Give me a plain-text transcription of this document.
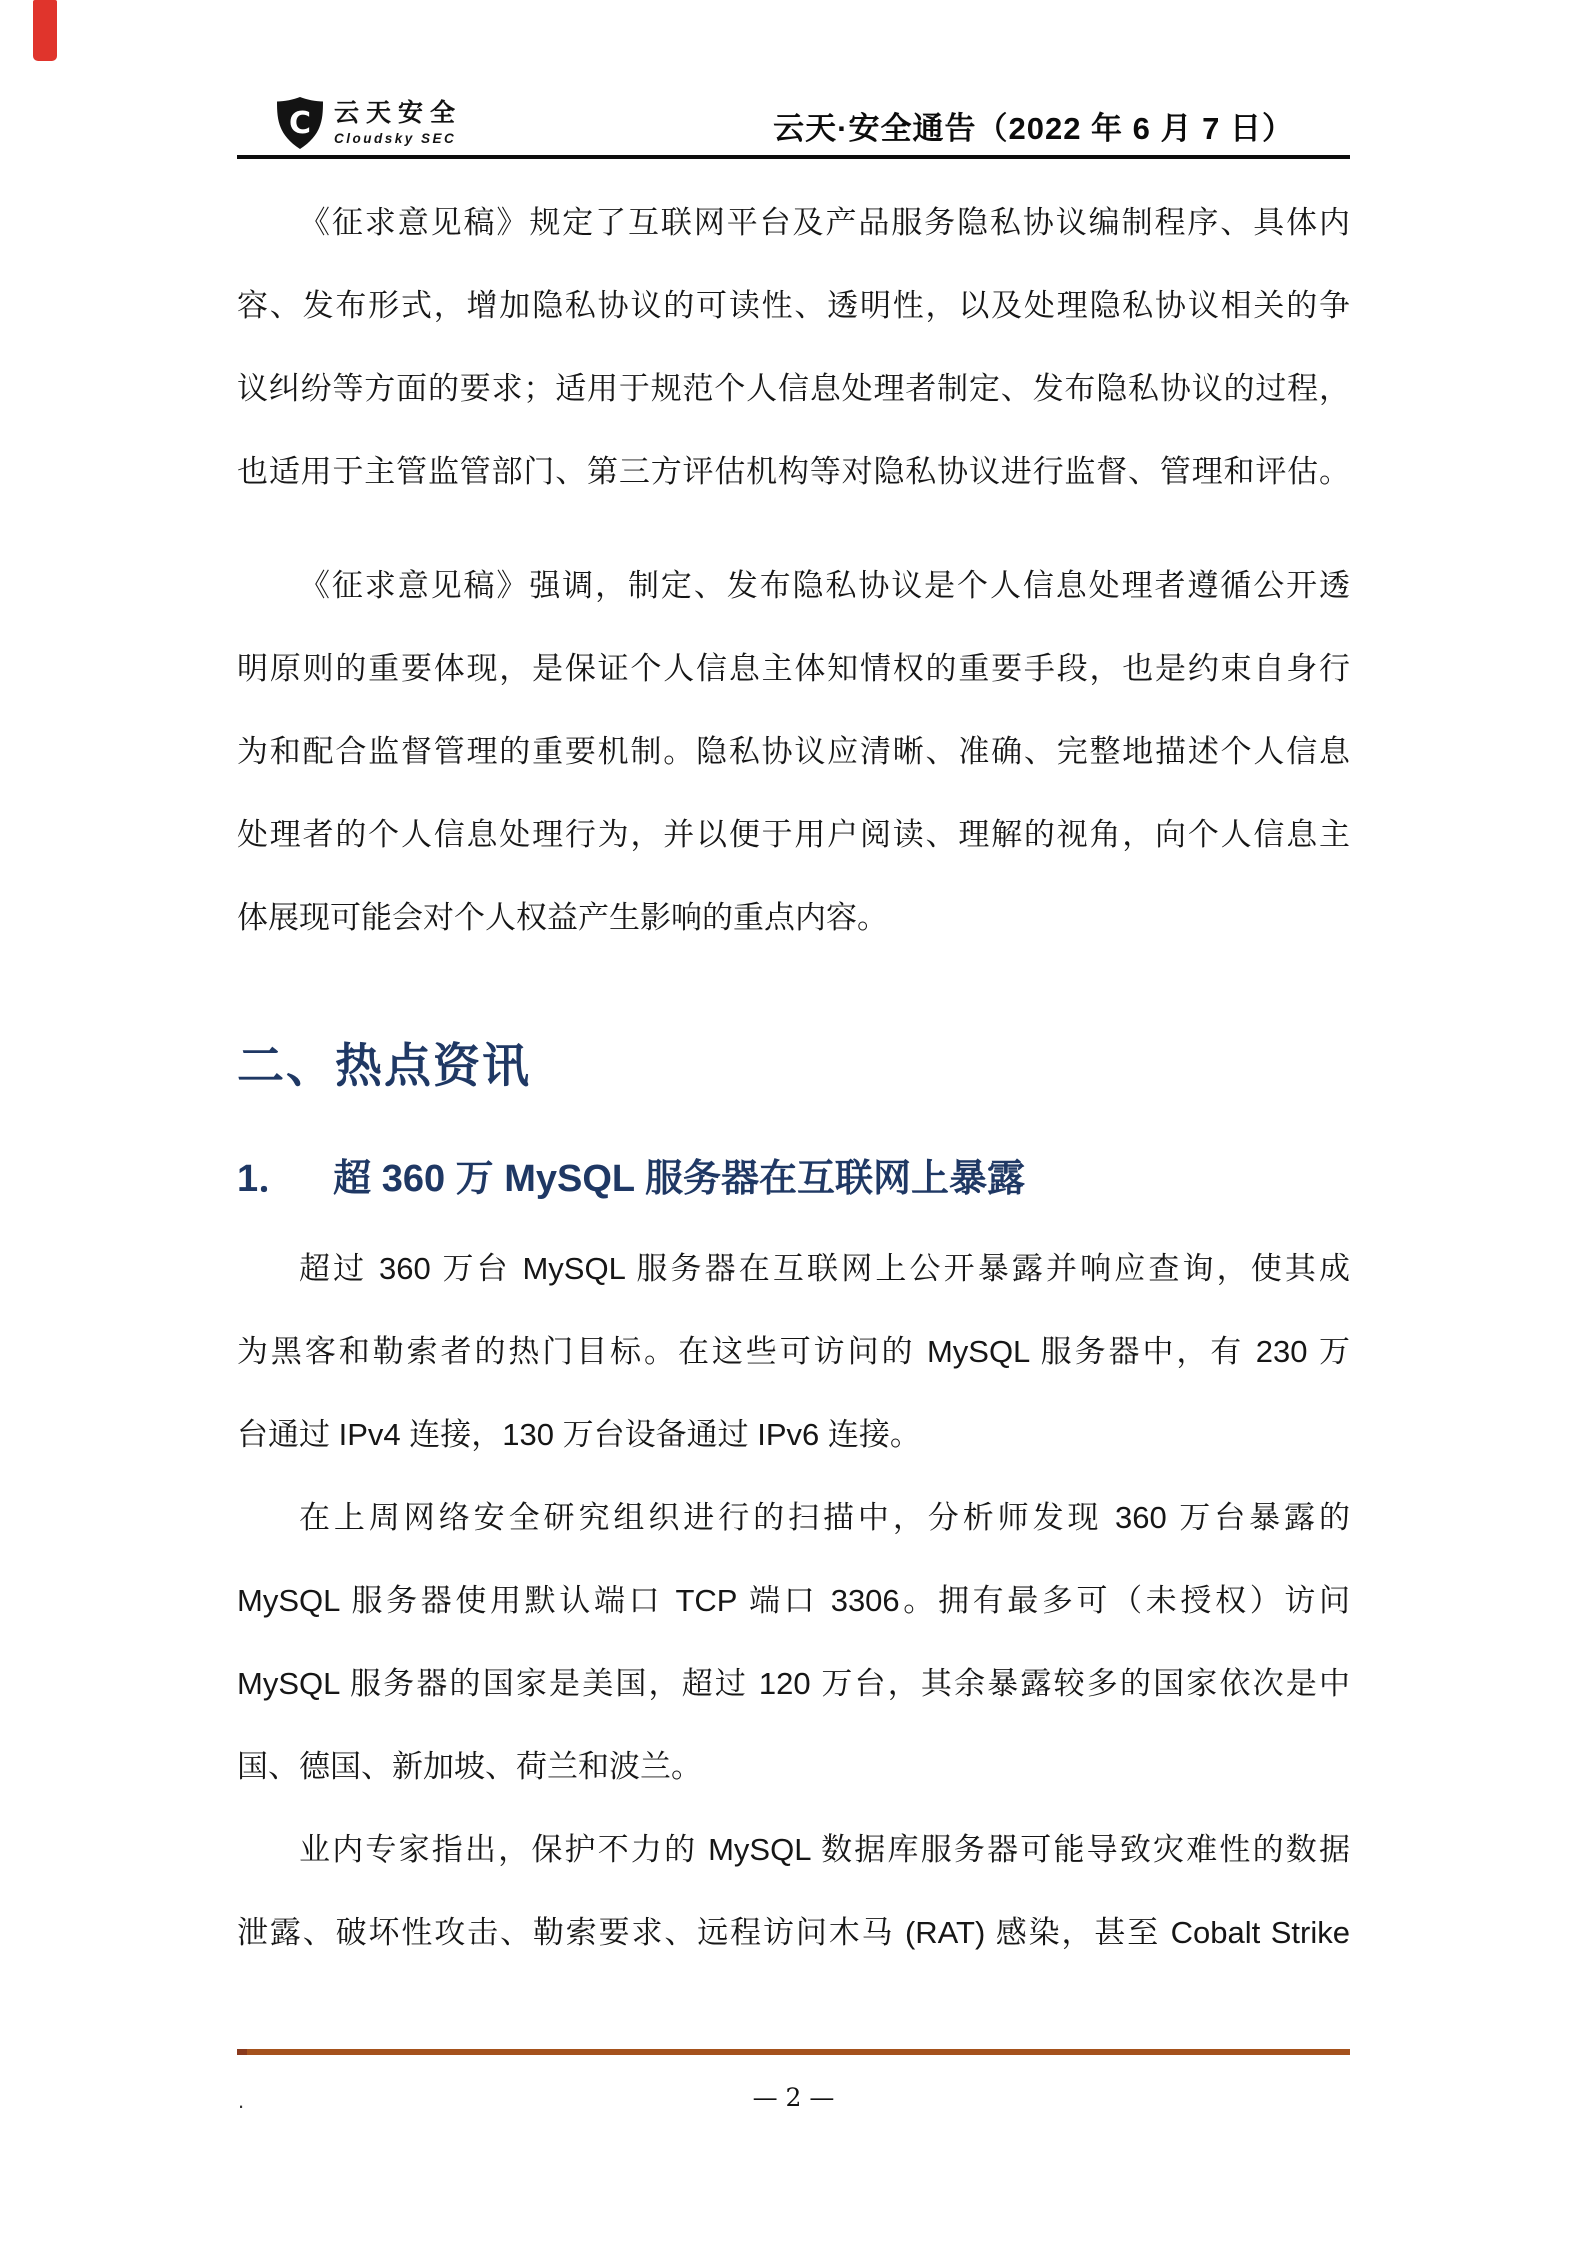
C 云天安全
Cloudsky SEC	云天·安全通告（2022 年 6 月 7 日）
《征求意见稿》规定了互联网平台及产品服务隐私协议编制程序、具体内
容、发布形式，增加隐私协议的可读性、透明性，以及处理隐私协议相关的争
议纠纷等方面的要求；适用于规范个人信息处理者制定、发布隐私协议的过程，
也适用于主管监管部门、第三方评估机构等对隐私协议进行监督、管理和评估。
《征求意见稿》强调，制定、发布隐私协议是个人信息处理者遵循公开透
明原则的重要体现，是保证个人信息主体知情权的重要手段，也是约束自身行
为和配合监督管理的重要机制。隐私协议应清晰、准确、完整地描述个人信息
处理者的个人信息处理行为，并以便于用户阅读、理解的视角，向个人信息主
体展现可能会对个人权益产生影响的重点内容。
二、热点资讯
1． 超 360 万 MySQL 服务器在互联网上暴露
超过 360 万台 MySQL 服务器在互联网上公开暴露并响应查询，使其成
为黑客和勒索者的热门目标。在这些可访问的 MySQL 服务器中，有 230 万
台通过 IPv4 连接，130 万台设备通过 IPv6 连接。
在上周网络安全研究组织进行的扫描中，分析师发现 360 万台暴露的
MySQL 服务器使用默认端口 TCP 端口 3306。拥有最多可（未授权）访问
MySQL 服务器的国家是美国，超过 120 万台，其余暴露较多的国家依次是中
国、德国、新加坡、荷兰和波兰。
业内专家指出，保护不力的 MySQL 数据库服务器可能导致灾难性的数据
泄露、破坏性攻击、勒索要求、远程访问木马 (RAT) 感染，甚至 Cobalt Strike
.	— 2 —
